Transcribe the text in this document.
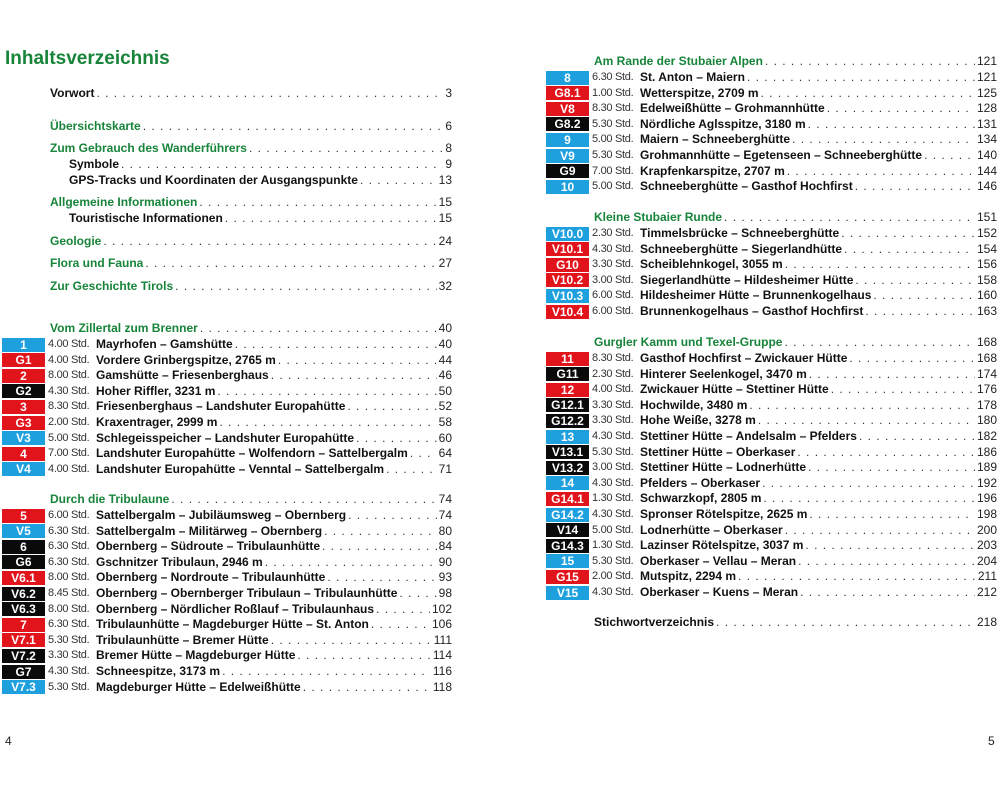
Inhaltsverzeichnis
Vorwort . . .	3
Übersichtskarte . . .	6
Zum Gebrauch des Wanderführers . . .	8
Symbole . . .	9
GPS-Tracks und Koordinaten der Ausgangspunkte . . .	13
Allgemeine Informationen . . .	15
Touristische Informationen . . .	15
Geologie . . .	24
Flora und Fauna . . .	27
Zur Geschichte Tirols . . .	32
Vom Zillertal zum Brenner . . .	40
1	4.00 Std. Mayrhofen – Gamshütte . . .	40
G1	4.00 Std. Vordere Grinbergspitze, 2765 m . . .	44
2	8.00 Std. Gamshütte – Friesenberghaus . . .	46
G2	4.30 Std. Hoher Riffler, 3231 m . . .	50
3	8.30 Std. Friesenberghaus – Landshuter Europahütte . . .	52
G3	2.00 Std. Kraxentrager, 2999 m . . .	58
V3	5.00 Std. Schlegeisspeicher – Landshuter Europahütte . . .	60
4	7.00 Std. Landshuter Europahütte – Wolfendorn – Sattelbergalm . . .	64
V4	4.00 Std. Landshuter Europahütte – Venntal – Sattelbergalm . . .	71
Durch die Tribulaune . . .	74
5	6.00 Std. Sattelbergalm – Jubiläumsweg – Obernberg . . .	74
V5	6.30 Std. Sattelbergalm – Militärweg – Obernberg . . .	80
6	6.30 Std. Obernberg – Südroute – Tribulaunhütte . . .	84
G6	6.30 Std. Gschnitzer Tribulaun, 2946 m . . .	90
V6.1	8.00 Std. Obernberg – Nordroute – Tribulaunhütte . . .	93
V6.2	8.45 Std. Obernberg – Obernberger Tribulaun – Tribulaunhütte . . .	98
V6.3	8.00 Std. Obernberg – Nördlicher Roßlauf – Tribulaunhaus . . .	102
7	6.30 Std. Tribulaunhütte – Magdeburger Hütte – St. Anton . . .	106
V7.1	5.30 Std. Tribulaunhütte – Bremer Hütte . . .	111
V7.2	3.30 Std. Bremer Hütte – Magdeburger Hütte . . .	114
G7	4.30 Std. Schneespitze, 3173 m . . .	116
V7.3	5.30 Std. Magdeburger Hütte – Edelweißhütte . . .	118
Am Rande der Stubaier Alpen . . .	121
8	6.30 Std. St. Anton – Maiern . . .	121
G8.1	1.00 Std. Wetterspitze, 2709 m . . .	125
V8	8.30 Std. Edelweißhütte – Grohmannhütte . . .	128
G8.2	5.30 Std. Nördliche Aglsspitze, 3180 m . . .	131
9	5.00 Std. Maiern – Schneeberghütte . . .	134
V9	5.30 Std. Grohmannhütte – Egetenseen – Schneeberghütte . . .	140
G9	7.00 Std. Krapfenkarspitze, 2707 m . . .	144
10	5.00 Std. Schneeberghütte – Gasthof Hochfirst . . .	146
Kleine Stubaier Runde . . .	151
V10.0 2.30 Std. Timmelsbrücke – Schneeberghütte . . .	152
V10.1 4.30 Std. Schneeberghütte – Siegerlandhütte . . .	154
G10	3.30 Std. Scheiblehnkogel, 3055 m . . .	156
V10.2 3.00 Std. Siegerlandhütte – Hildesheimer Hütte . . .	158
V10.3 6.00 Std. Hildesheimer Hütte – Brunnenkogelhaus . . .	160
V10.4 6.00 Std. Brunnenkogelhaus – Gasthof Hochfirst . . .	163
Gurgler Kamm und Texel-Gruppe . . .	168
11	8.30 Std. Gasthof Hochfirst – Zwickauer Hütte . . .	168
G11	2.30 Std. Hinterer Seelenkogel, 3470 m . . .	174
12	4.00 Std. Zwickauer Hütte – Stettiner Hütte . . .	176
G12.1 3.30 Std. Hochwilde, 3480 m . . .	178
G12.2 3.30 Std. Hohe Weiße, 3278 m . . .	180
13	4.30 Std. Stettiner Hütte – Andelsalm – Pfelders . . .	182
V13.1 5.30 Std. Stettiner Hütte – Oberkaser . . .	186
V13.2 3.00 Std. Stettiner Hütte – Lodnerhütte . . .	189
14	4.30 Std. Pfelders – Oberkaser . . .	192
G14.1 1.30 Std. Schwarzkopf, 2805 m . . .	196
G14.2 4.30 Std. Spronser Rötelspitze, 2625 m . . .	198
V14	5.00 Std. Lodnerhütte – Oberkaser . . .	200
G14.3 1.30 Std. Lazinser Rötelspitze, 3037 m . . .	203
15	5.30 Std. Oberkaser – Vellau – Meran . . .	204
G15	2.00 Std. Mutspitz, 2294 m . . .	211
V15	4.30 Std. Oberkaser – Kuens – Meran . . .	212
Stichwortverzeichnis . . .	218
4	5
